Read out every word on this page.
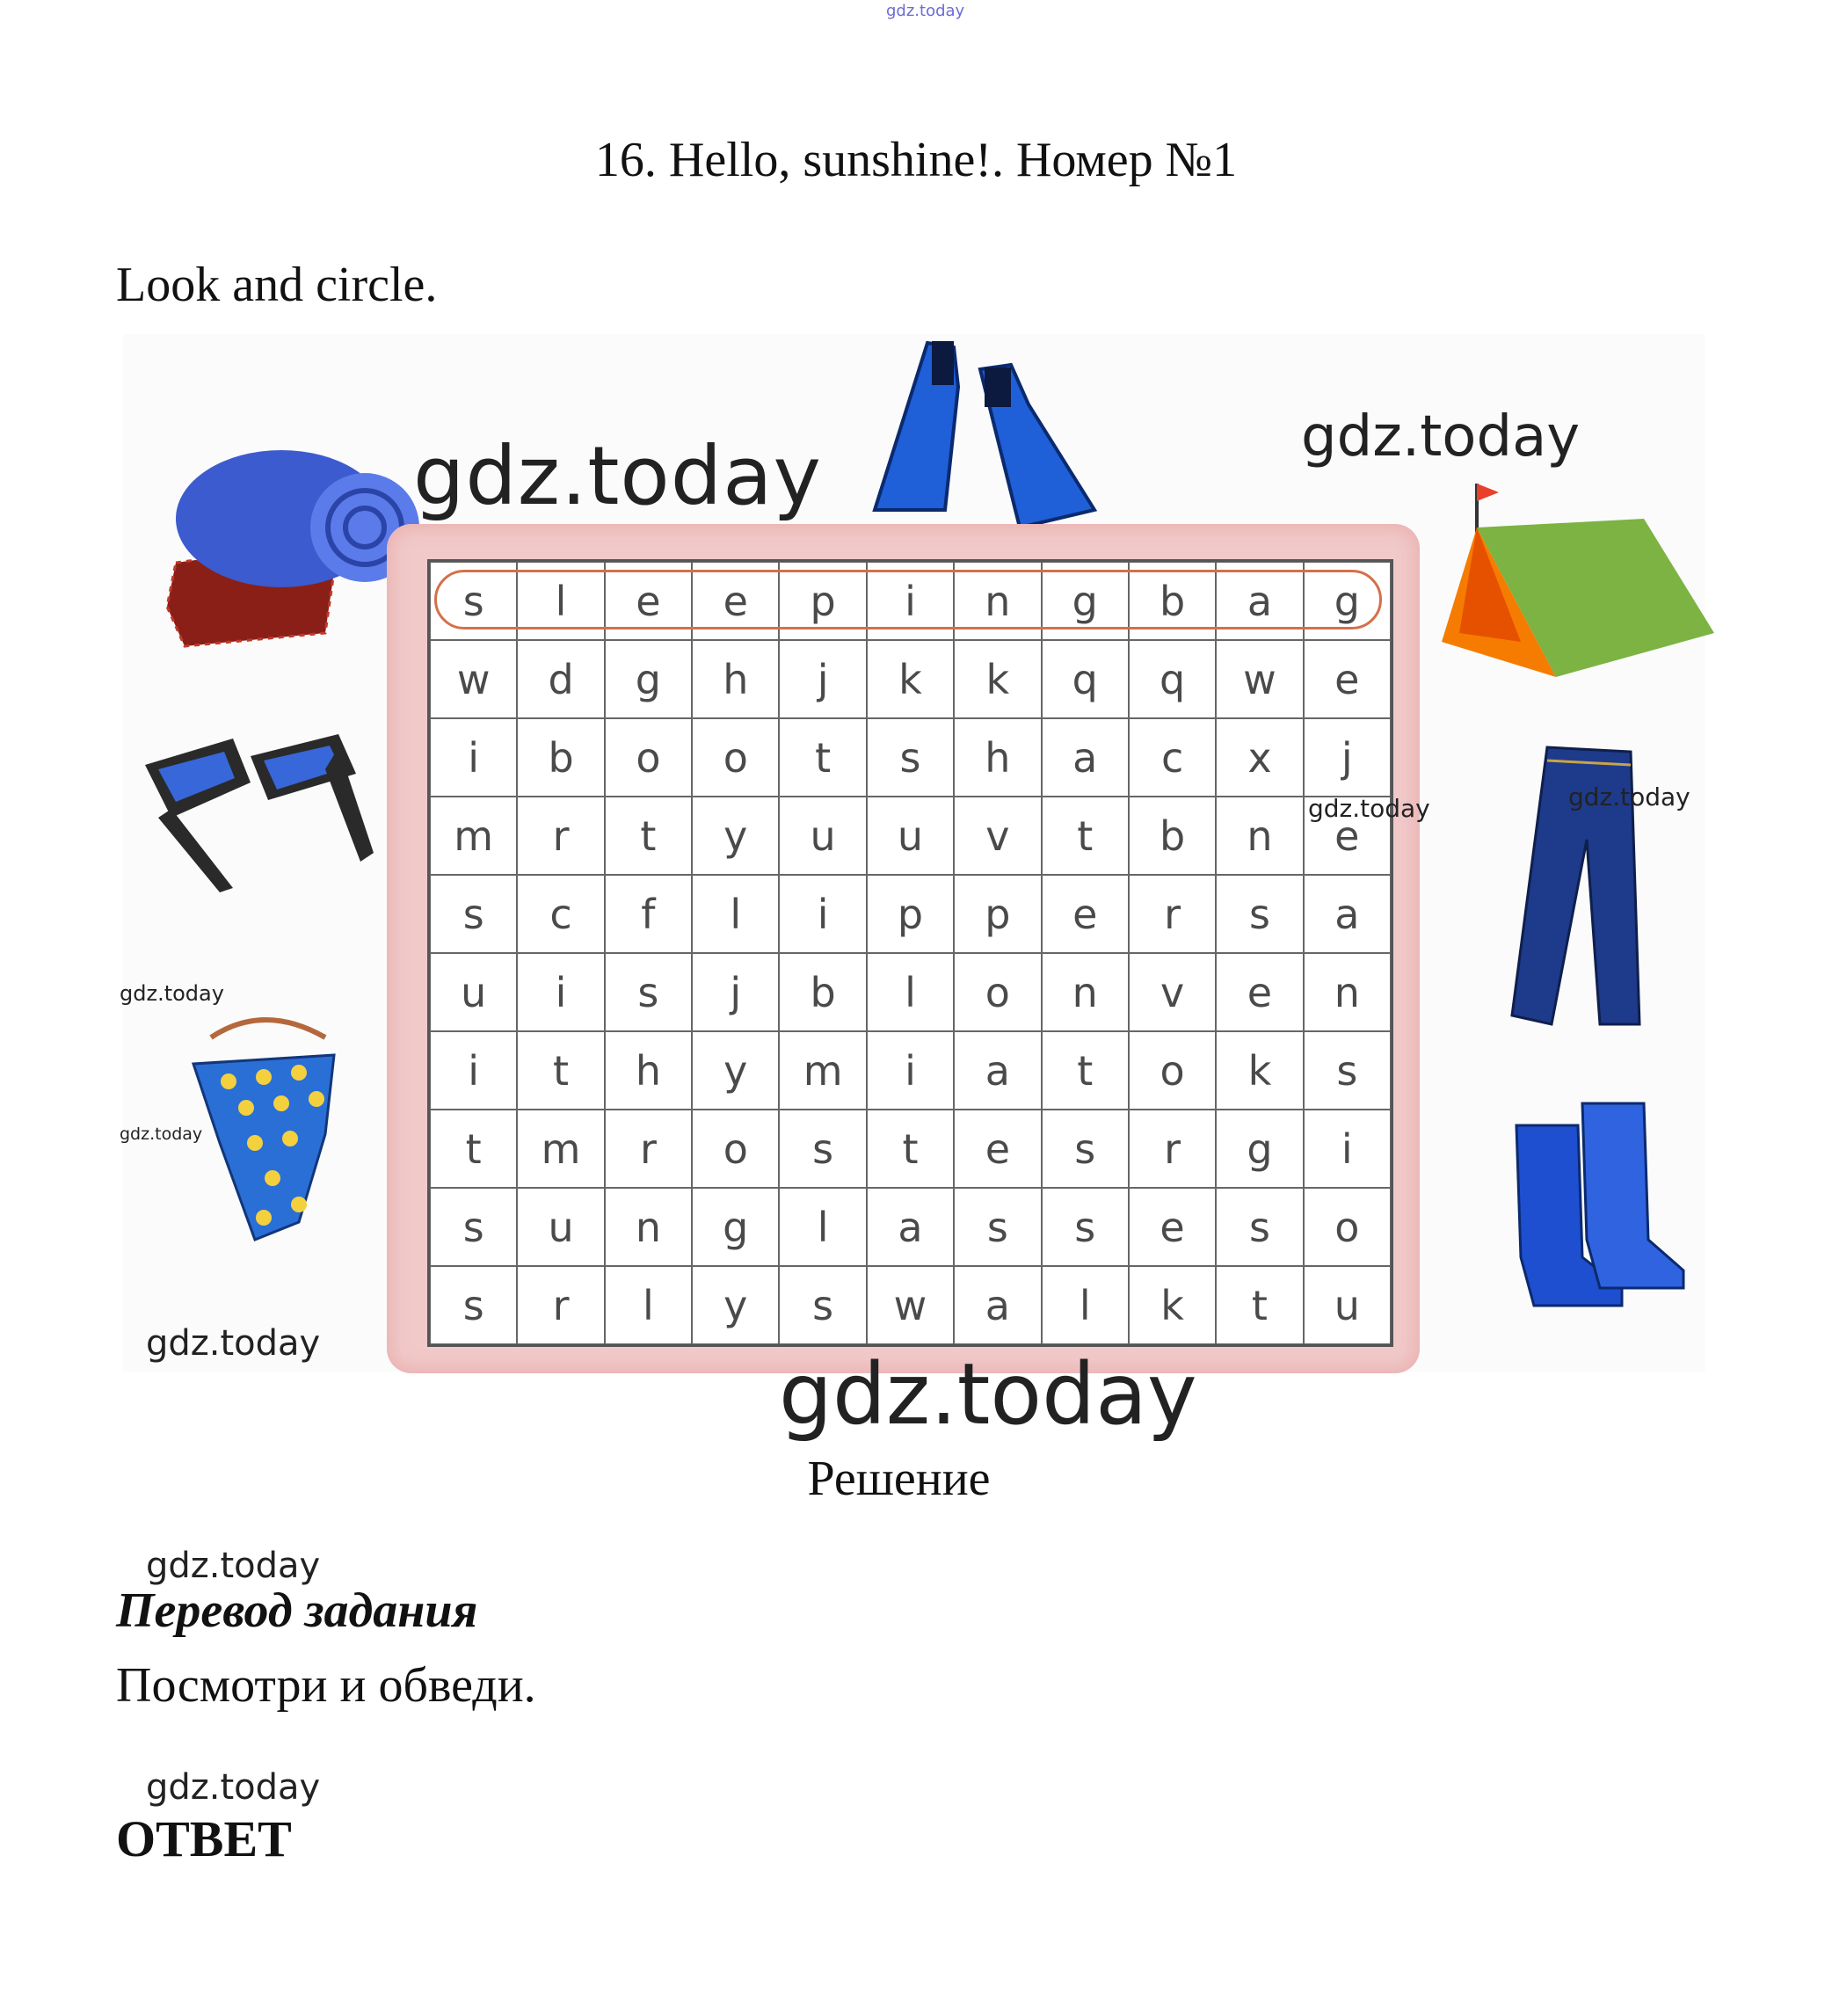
gdz.today
16. Hello, sunshine!. Номер №1
Look and circle.
s	l	e	e	p	i	n	g	b	a	g
w	d	g	h	j	k	k	q	q	w	e
i	b	o	o	t	s	h	a	c	x	j
m	r	t	y	u	u	v	t	b	n	e
s	c	f	l	i	p	p	e	r	s	a
u	i	s	j	b	l	o	n	v	e	n
i	t	h	y	m	i	a	t	o	k	s
t	m	r	o	s	t	e	s	r	g	i
s	u	n	g	l	a	s	s	e	s	o
s	r	l	y	s	w	a	l	k	t	u
gdz.today	gdz.today
gdz.today	gdz.today
gdz.today
gdz.today
gdz.today
gdz.today
Решение
gdz.today
Перевод задания
Посмотри и обведи.
gdz.today
ОТВЕТ
